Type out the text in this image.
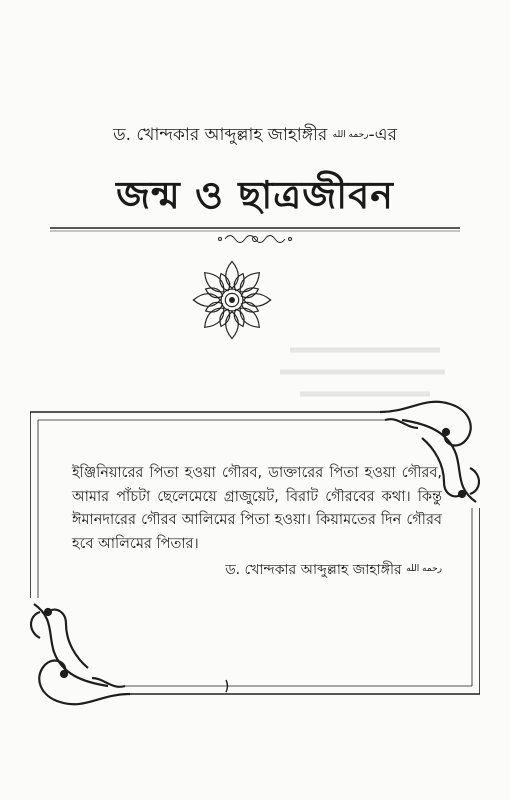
ড. খোন্দকার আব্দুল্লাহ জাহাঙ্গীর رحمه الله-এর
জন্ম ও ছাত্রজীবন

ইঞ্জিনিয়ারের পিতা হওয়া গৌরব, ডাক্তারের পিতা হওয়া গৌরব, আমার পাঁচটা ছেলেমেয়ে গ্রাজুয়েট, বিরাট গৌরবের কথা। কিন্তু ঈমানদারের গৌরব আলিমের পিতা হওয়া। কিয়ামতের দিন গৌরব হবে আলিমের পিতার।

ড. খোন্দকার আব্দুল্লাহ জাহাঙ্গীর رحمه الله
